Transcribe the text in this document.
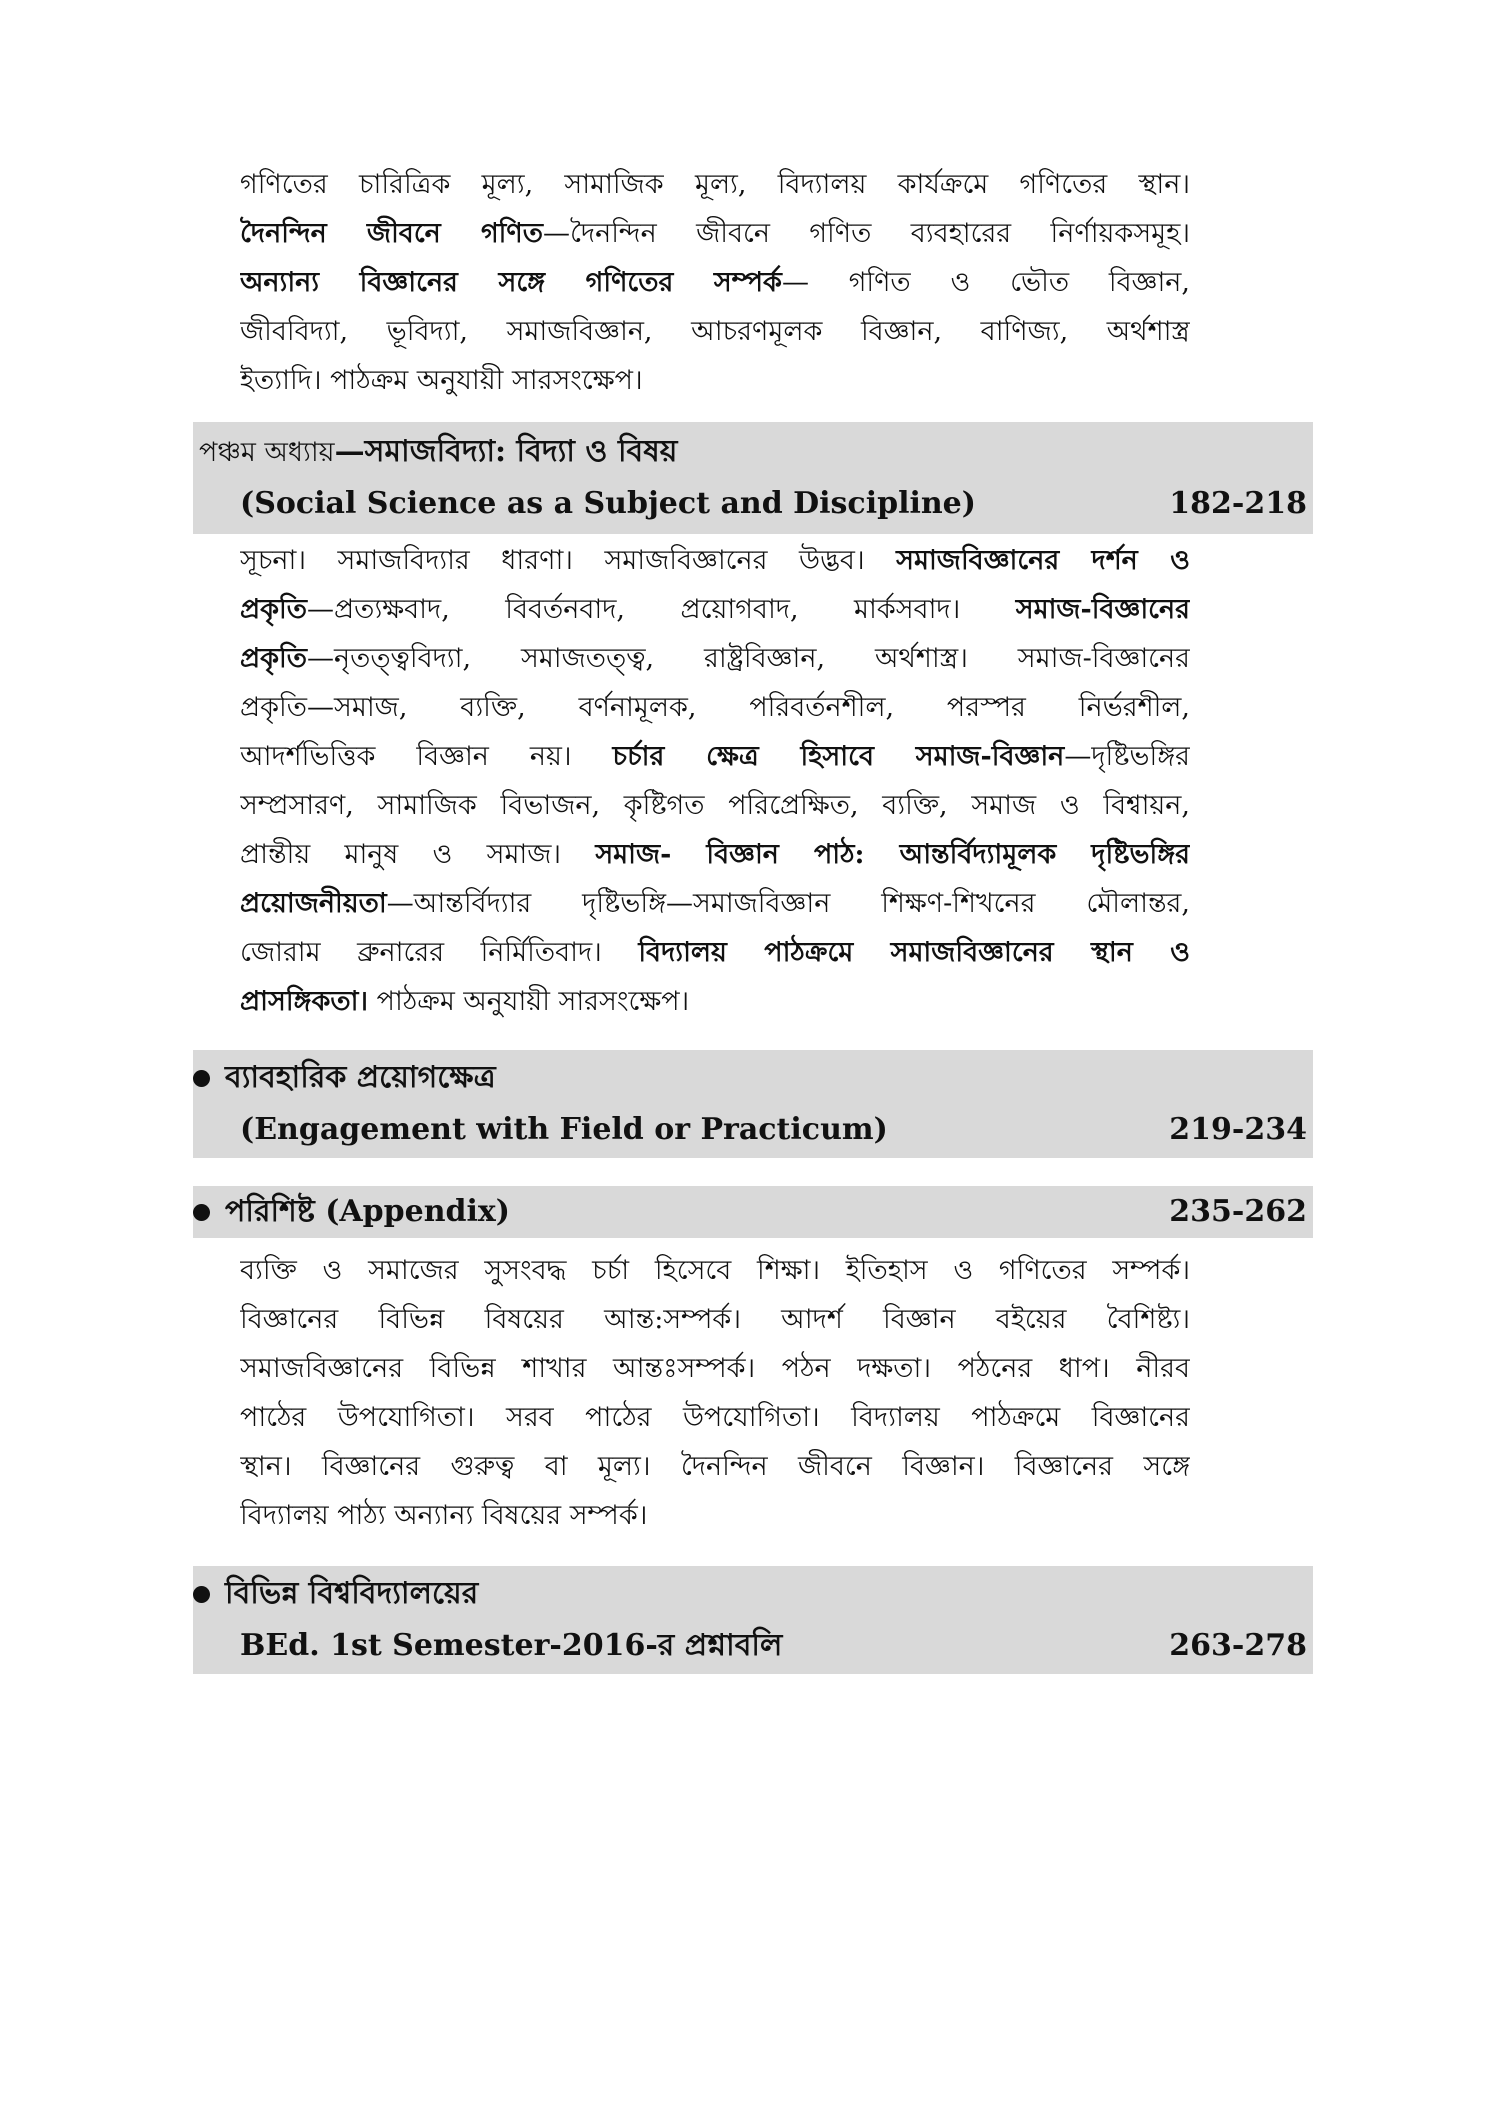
গণিতের চারিত্রিক মূল্য, সামাজিক মূল্য, বিদ্যালয় কার্যক্রমে গণিতের স্থান।
দৈনন্দিন জীবনে গণিত—দৈনন্দিন জীবনে গণিত ব্যবহারের নির্ণায়কসমূহ।
অন্যান্য বিজ্ঞানের সঙ্গে গণিতের সম্পর্ক— গণিত ও ভৌত বিজ্ঞান,
জীববিদ্যা, ভূবিদ্যা, সমাজবিজ্ঞান, আচরণমূলক বিজ্ঞান, বাণিজ্য, অর্থশাস্ত্র
ইত্যাদি। পাঠক্রম অনুযায়ী সারসংক্ষেপ।
পঞ্চম অধ্যায়—সমাজবিদ্যা: বিদ্যা ও বিষয়
(Social Science as a Subject and Discipline)	182-218
সূচনা। সমাজবিদ্যার ধারণা। সমাজবিজ্ঞানের উদ্ভব। সমাজবিজ্ঞানের দর্শন ও
প্রকৃতি—প্রত্যক্ষবাদ, বিবর্তনবাদ, প্রয়োগবাদ, মার্কসবাদ। সমাজ-বিজ্ঞানের
প্রকৃতি—নৃতত্ত্ববিদ্যা, সমাজতত্ত্ব, রাষ্ট্রবিজ্ঞান, অর্থশাস্ত্র। সমাজ-বিজ্ঞানের
প্রকৃতি—সমাজ, ব্যক্তি, বর্ণনামূলক, পরিবর্তনশীল, পরস্পর নির্ভরশীল,
আদর্শভিত্তিক বিজ্ঞান নয়। চর্চার ক্ষেত্র হিসাবে সমাজ-বিজ্ঞান—দৃষ্টিভঙ্গির
সম্প্রসারণ, সামাজিক বিভাজন, কৃষ্টিগত পরিপ্রেক্ষিত, ব্যক্তি, সমাজ ও বিশ্বায়ন,
প্রান্তীয় মানুষ ও সমাজ। সমাজ- বিজ্ঞান পাঠ: আন্তর্বিদ্যামূলক দৃষ্টিভঙ্গির
প্রয়োজনীয়তা—আন্তর্বিদ্যার দৃষ্টিভঙ্গি—সমাজবিজ্ঞান শিক্ষণ-শিখনের মৌলান্তর,
জোরাম ব্রুনারের নির্মিতিবাদ। বিদ্যালয় পাঠক্রমে সমাজবিজ্ঞানের স্থান ও
প্রাসঙ্গিকতা। পাঠক্রম অনুযায়ী সারসংক্ষেপ।
ব্যাবহারিক প্রয়োগক্ষেত্র
(Engagement with Field or Practicum)	219-234
পরিশিষ্ট (Appendix)	235-262
ব্যক্তি ও সমাজের সুসংবদ্ধ চর্চা হিসেবে শিক্ষা। ইতিহাস ও গণিতের সম্পর্ক।
বিজ্ঞানের বিভিন্ন বিষয়ের আন্ত:সম্পর্ক। আদর্শ বিজ্ঞান বইয়ের বৈশিষ্ট্য।
সমাজবিজ্ঞানের বিভিন্ন শাখার আন্তঃসম্পর্ক। পঠন দক্ষতা। পঠনের ধাপ। নীরব
পাঠের উপযোগিতা। সরব পাঠের উপযোগিতা। বিদ্যালয় পাঠক্রমে বিজ্ঞানের
স্থান। বিজ্ঞানের গুরুত্ব বা মূল্য। দৈনন্দিন জীবনে বিজ্ঞান। বিজ্ঞানের সঙ্গে
বিদ্যালয় পাঠ্য অন্যান্য বিষয়ের সম্পর্ক।
বিভিন্ন বিশ্ববিদ্যালয়ের
BEd. 1st Semester-2016-র প্রশ্নাবলি	263-278
